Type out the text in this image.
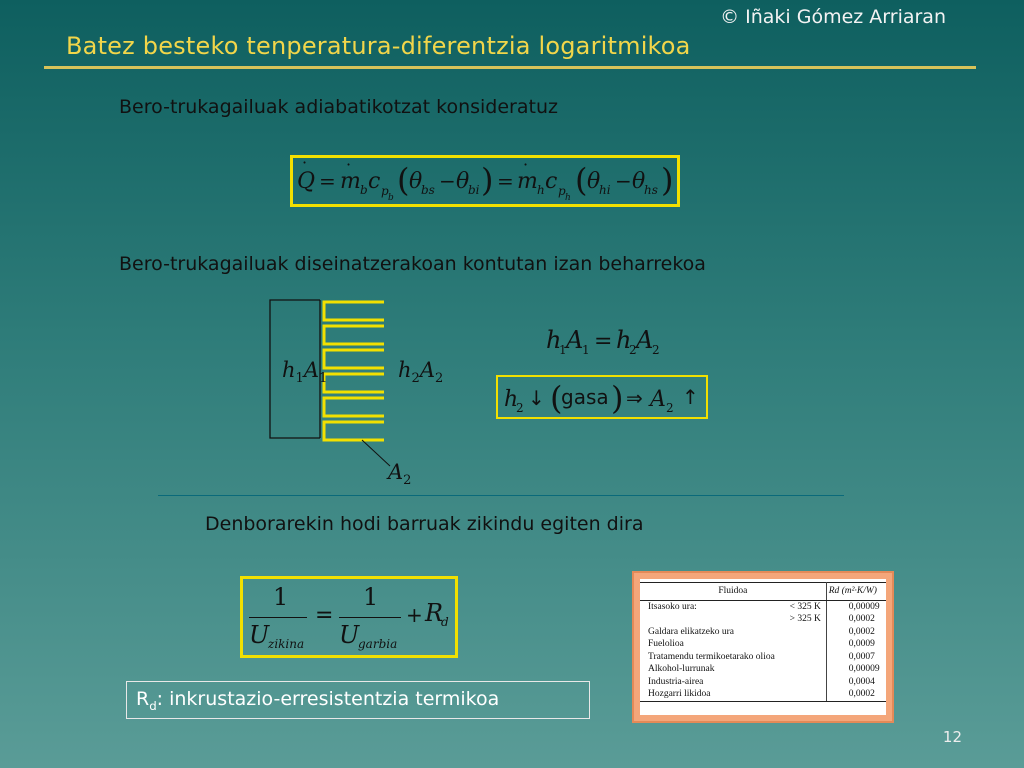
© Iñaki Gómez Arriaran
Batez besteko tenperatura-diferentzia logaritmikoa
Bero-trukagailuak adiabatikotzat konsideratuz
Q
·
= m
·
b c p b ( θ
bs − θ
bi ) = m
·
h c p h ( θ
hi − θ
hs )
Bero-trukagailuak diseinatzerakoan kontutan izan beharrekoa
$h_1A_1$	$h_2A_2$
$A_2$
h
1 A
1 = h
2 A
2
h
2 ↓ ( ) ⇒ A 2 ↑
gasa
Denborarekin hodi barruak zikindu egiten dira
1
U
zikina
=
1
U
garbia
+ R
d
$R_d$: inkrustazio-erresistentzia termikoa
Fluidoa		Rd (m²·K/W)
Itsasoko ura:	< 325 K	0,00009
	> 325 K	0,0002
Galdara elikatzeko ura		0,0002
Fuelolioa		0,0009
Tratamendu termikoetarako olioa		0,0007
Alkohol-lurrunak		0,00009
Industria-airea		0,0004
Hozgarri likidoa		0,0002
12
